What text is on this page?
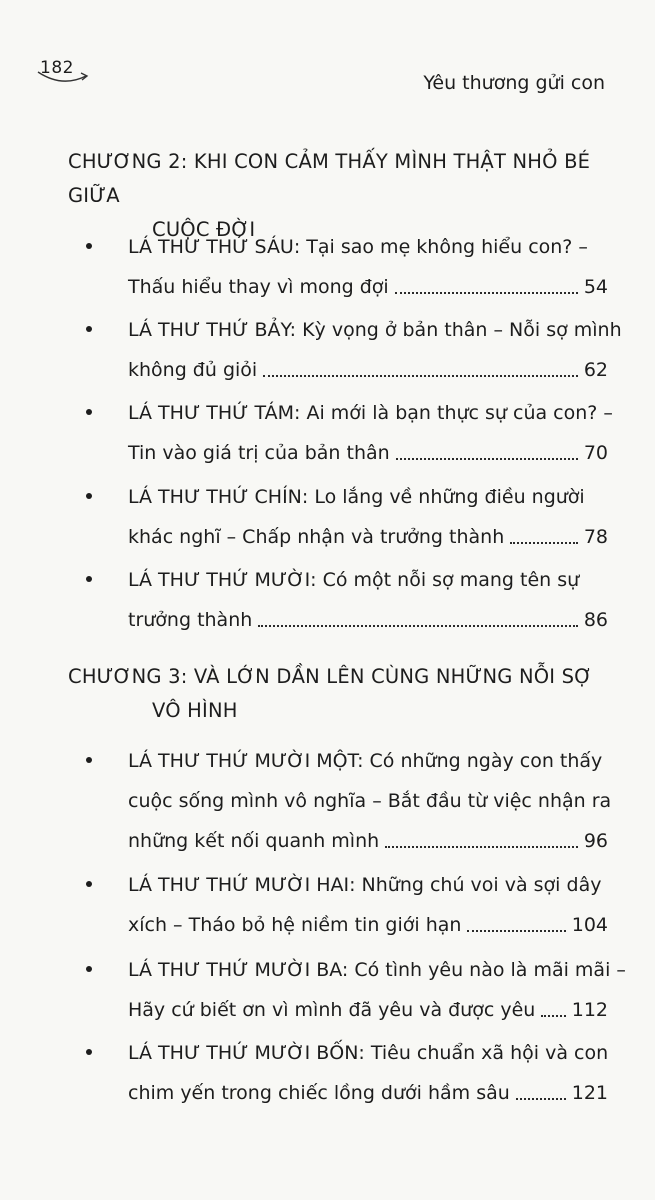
182
Yêu thương gửi con
CHƯƠNG 2: KHI CON CẢM THẤY MÌNH THẬT NHỎ BÉ GIỮA
CUỘC ĐỜI
LÁ THƯ THỨ SÁU: Tại sao mẹ không hiểu con? –
Thấu hiểu thay vì mong đợi	54
LÁ THƯ THỨ BẢY: Kỳ vọng ở bản thân – Nỗi sợ mình
không đủ giỏi	62
LÁ THƯ THỨ TÁM: Ai mới là bạn thực sự của con? –
Tin vào giá trị của bản thân	70
LÁ THƯ THỨ CHÍN: Lo lắng về những điều người
khác nghĩ – Chấp nhận và trưởng thành	78
LÁ THƯ THỨ MƯỜI: Có một nỗi sợ mang tên sự
trưởng thành	86
CHƯƠNG 3: VÀ LỚN DẦN LÊN CÙNG NHỮNG NỖI SỢ
VÔ HÌNH
LÁ THƯ THỨ MƯỜI MỘT: Có những ngày con thấy
cuộc sống mình vô nghĩa – Bắt đầu từ việc nhận ra
những kết nối quanh mình	96
LÁ THƯ THỨ MƯỜI HAI: Những chú voi và sợi dây
xích – Tháo bỏ hệ niềm tin giới hạn	104
LÁ THƯ THỨ MƯỜI BA: Có tình yêu nào là mãi mãi –
Hãy cứ biết ơn vì mình đã yêu và được yêu 112
LÁ THƯ THỨ MƯỜI BỐN: Tiêu chuẩn xã hội và con
chim yến trong chiếc lồng dưới hầm sâu	121
